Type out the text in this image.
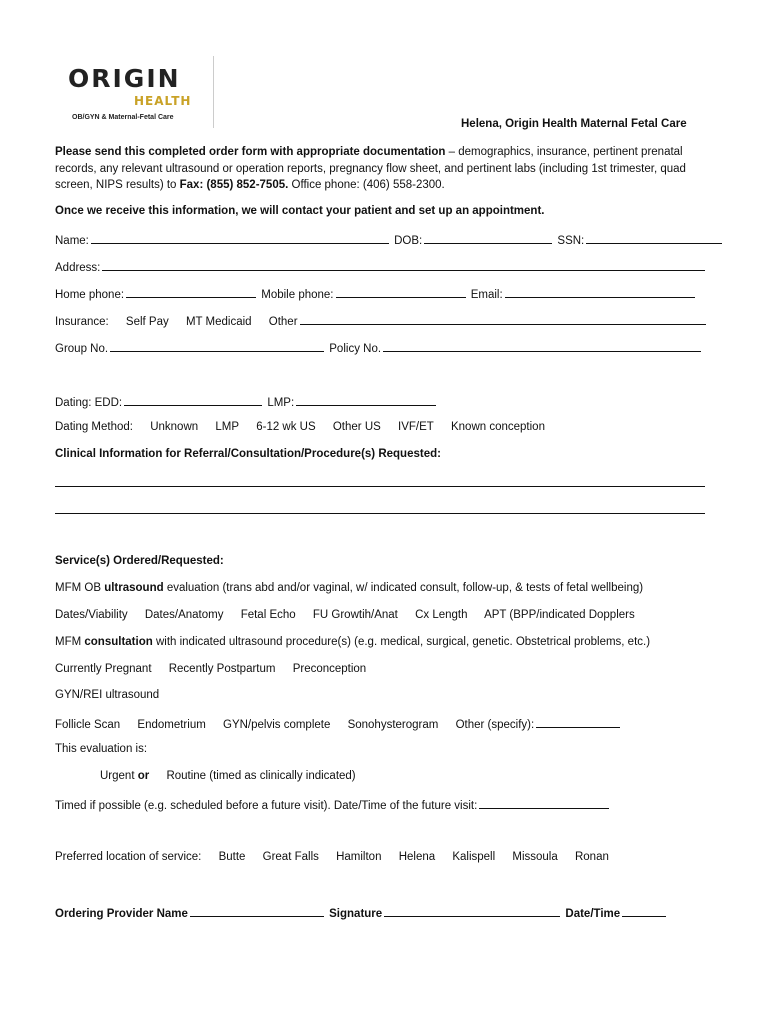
ORIGIN
HEALTH
OB/GYN & Maternal-Fetal Care
Helena, Origin Health Maternal Fetal Care
Please send this completed order form with appropriate documentation – demographics, insurance, pertinent prenatal records, any relevant ultrasound or operation reports, pregnancy flow sheet, and pertinent labs (including 1st trimester, quad screen, NIPS results) to Fax: (855) 852-7505. Office phone: (406) 558-2300.
Once we receive this information, we will contact your patient and set up an appointment.
Name:	DOB:	SSN:
Address:
Home phone:	Mobile phone:	Email:
Insurance: Self Pay MT Medicaid Other
Group No.	Policy No.
Dating: EDD:	LMP:
Dating Method: Unknown LMP 6-12 wk US Other US IVF/ET Known conception
Clinical Information for Referral/Consultation/Procedure(s) Requested:
Service(s) Ordered/Requested:
MFM OB ultrasound evaluation (trans abd and/or vaginal, w/ indicated consult, follow-up, & tests of fetal wellbeing)
Dates/Viability Dates/Anatomy Fetal Echo FU Growtih/Anat Cx Length APT (BPP/indicated Dopplers
MFM consultation with indicated ultrasound procedure(s) (e.g. medical, surgical, genetic. Obstetrical problems, etc.)
Currently Pregnant Recently Postpartum Preconception
GYN/REI ultrasound
Follicle Scan Endometrium GYN/pelvis complete Sonohysterogram Other (specify):
This evaluation is:
Urgent or Routine (timed as clinically indicated)
Timed if possible (e.g. scheduled before a future visit). Date/Time of the future visit:
Preferred location of service: Butte Great Falls Hamilton Helena Kalispell Missoula Ronan
Ordering Provider Name	Signature	Date/Time
